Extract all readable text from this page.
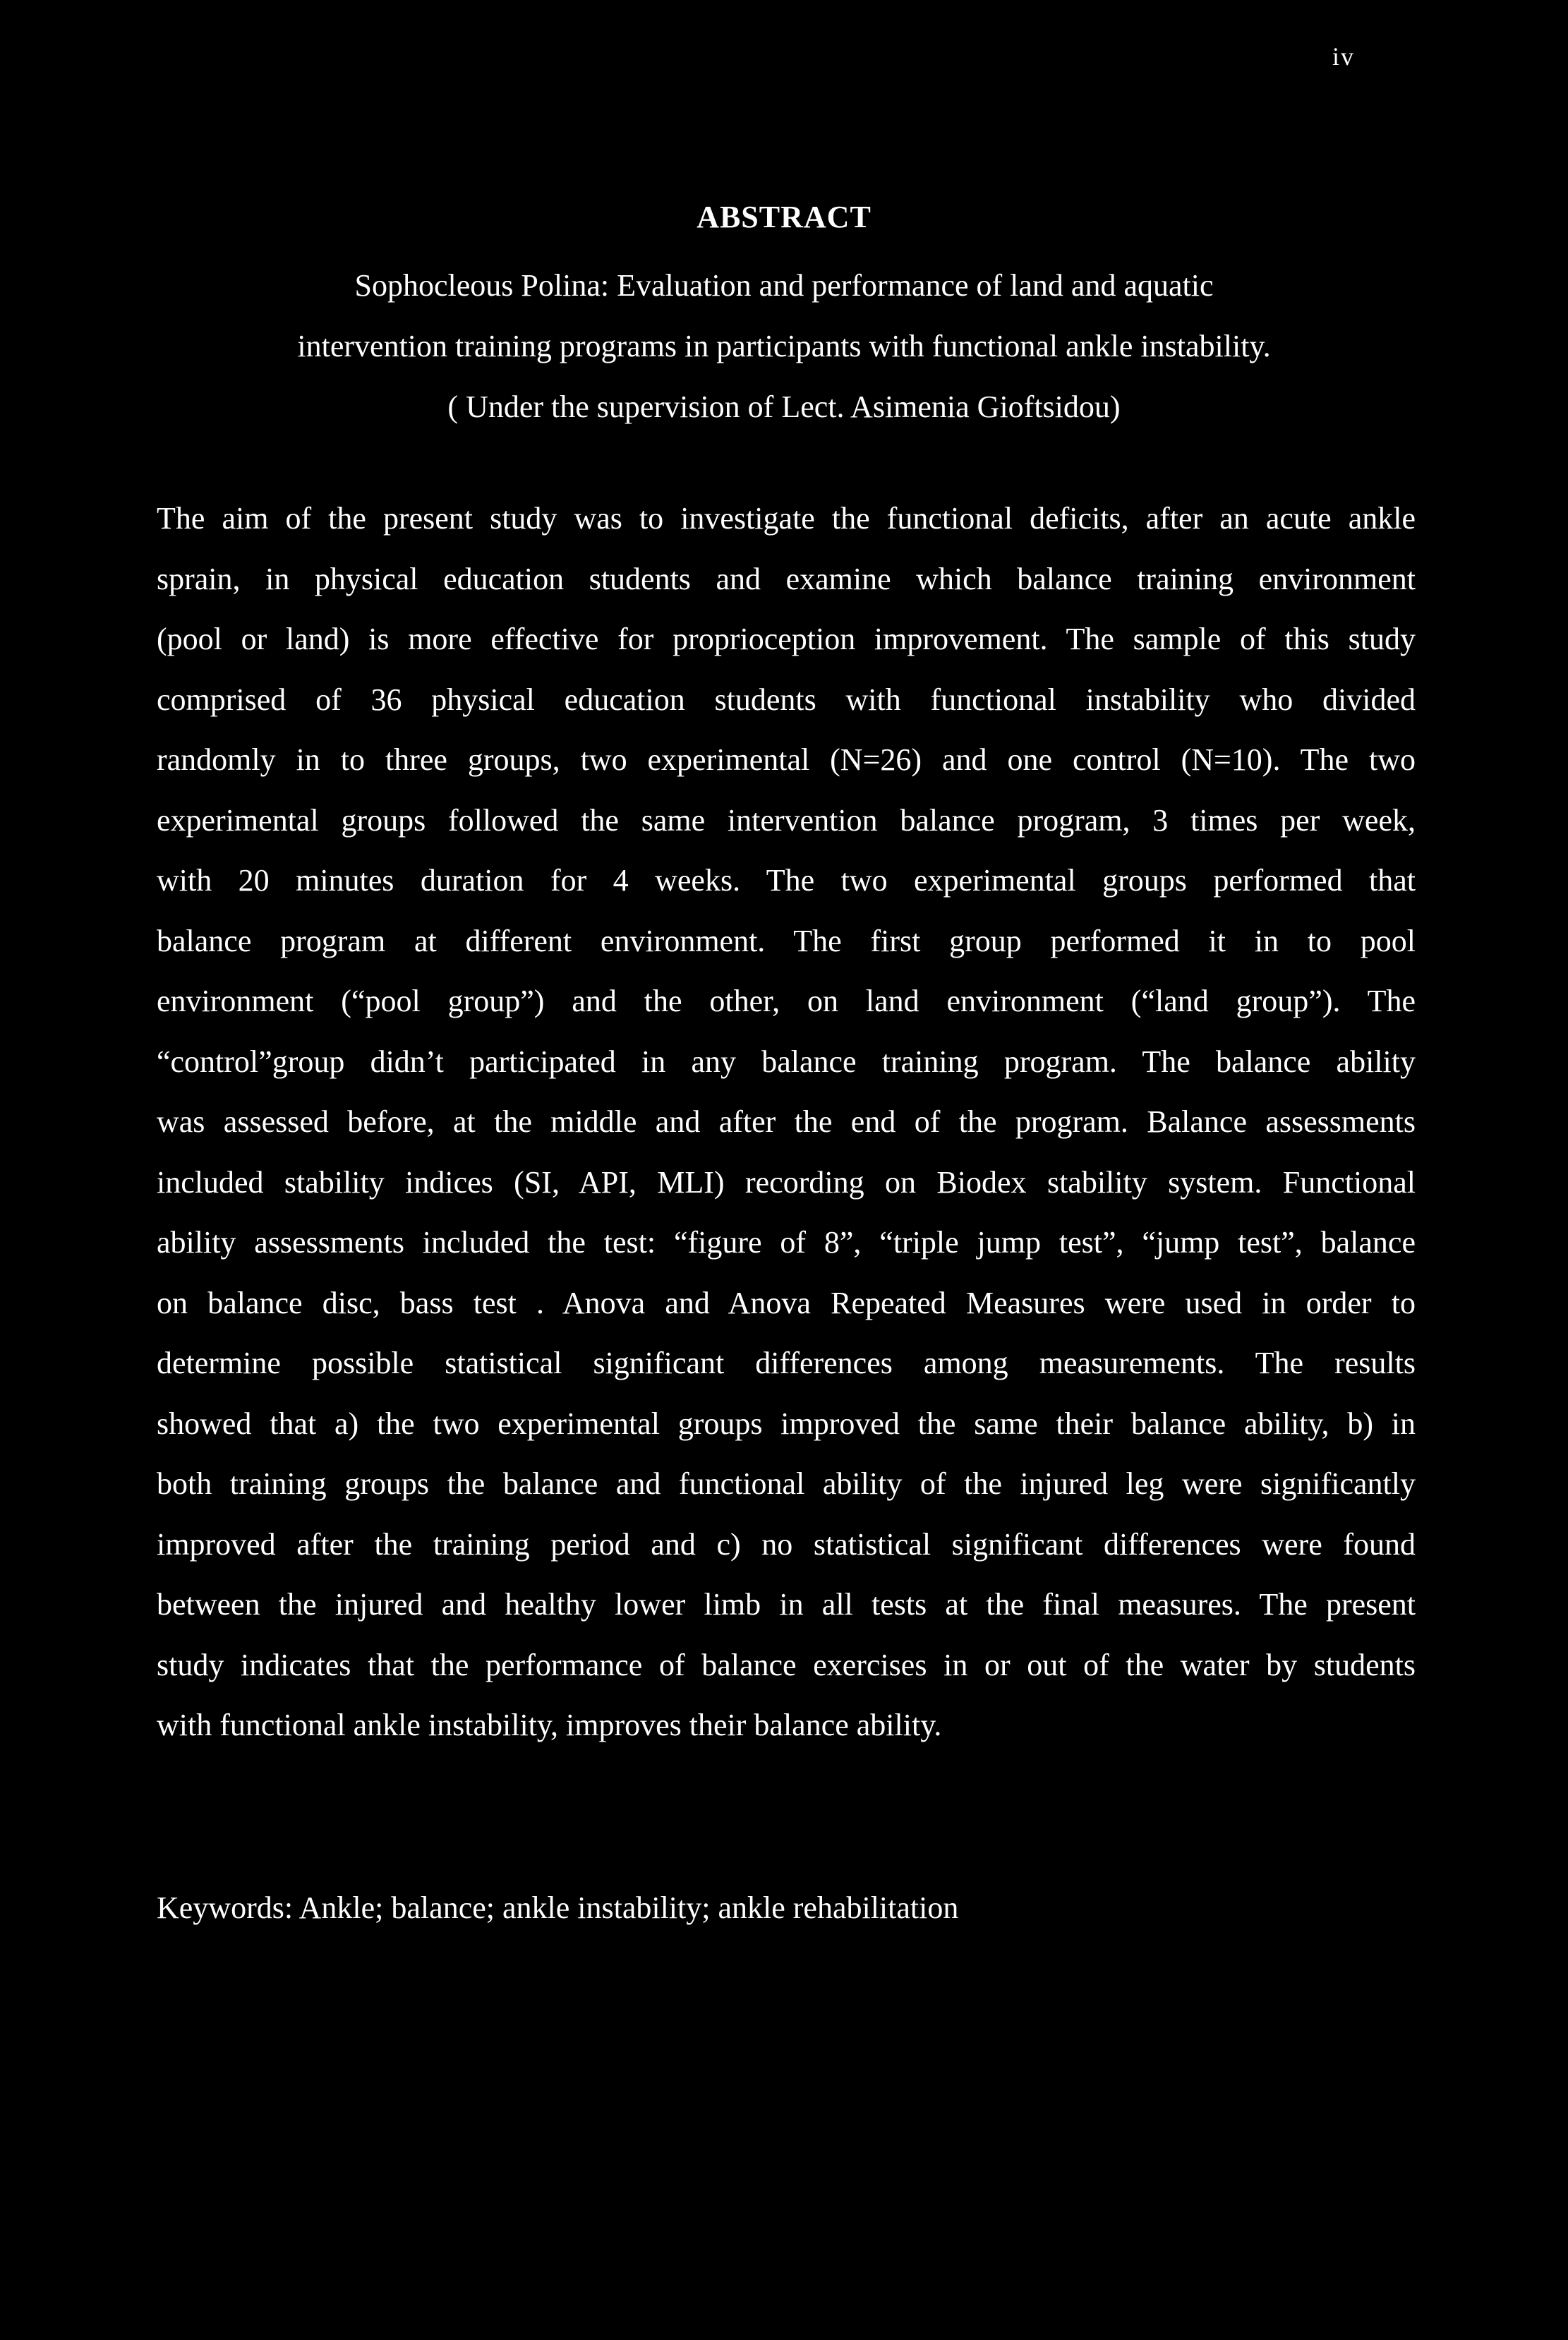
iv
ABSTRACT
Sophocleous Polina: Evaluation and performance of land and aquatic
intervention training programs in participants with functional ankle instability.
( Under the supervision of Lect. Asimenia Gioftsidou)
The aim of the present study was to investigate the functional deficits, after an acute ankle
sprain, in physical education students and examine which balance training environment
(pool or land) is more effective for proprioception improvement. The sample of this study
comprised of 36 physical education students with functional instability who divided
randomly in to three groups, two experimental (N=26) and one control (N=10). The two
experimental groups followed the same intervention balance program, 3 times per week,
with 20 minutes duration for 4 weeks. The two experimental groups performed that
balance program at different environment. The first group performed it in to pool
environment (“pool group”) and the other, on land environment (“land group”). The
“control”group didn’t participated in any balance training program. The balance ability
was assessed before, at the middle and after the end of the program. Balance assessments
included stability indices (SI, API, MLI) recording on Biodex stability system. Functional
ability assessments included the test: “figure of 8”, “triple jump test”, “jump test”, balance
on balance disc, bass test . Anova and Anova Repeated Measures were used in order to
determine possible statistical significant differences among measurements. The results
showed that a) the two experimental groups improved the same their balance ability, b) in
both training groups the balance and functional ability of the injured leg were significantly
improved after the training period and c) no statistical significant differences were found
between the injured and healthy lower limb in all tests at the final measures. The present
study indicates that the performance of balance exercises in or out of the water by students
with functional ankle instability, improves their balance ability.
Keywords: Ankle; balance; ankle instability; ankle rehabilitation
